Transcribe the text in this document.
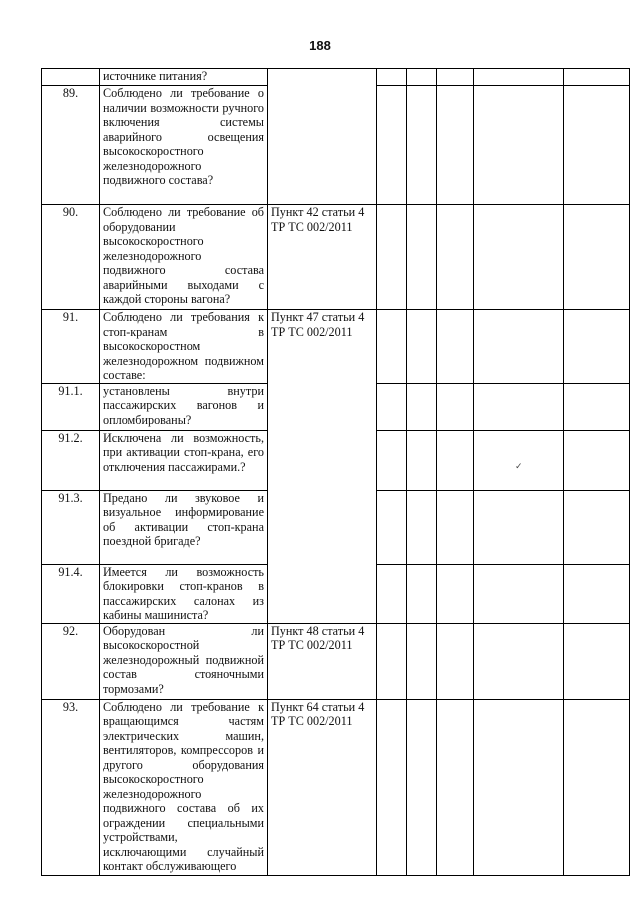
188
	источнике питания?						
89.	Соблюдено ли требование о наличии возможности ручного включения системы аварийного освещения высокоскоростного железнодорожного подвижного состава?						
90.	Соблюдено ли требование об оборудовании высокоскоростного железнодорожного подвижного состава аварийными выходами с каждой стороны вагона?	Пункт 42 статьи 4 ТР ТС 002/2011					
91.	Соблюдено ли требования к стоп-кранам в высокоскоростном железнодорожном подвижном составе:	Пункт 47 статьи 4 ТР ТС 002/2011					
91.1.	установлены внутри пассажирских вагонов и опломбированы?						
91.2.	Исключена ли возможность, при активации стоп-крана, его отключения пассажирами.?						
91.3.	Предано ли звуковое и визуальное информирование об активации стоп-крана поездной бригаде?						
91.4.	Имеется ли возможность блокировки стоп-кранов в пассажирских салонах из кабины машиниста?						
92.	Оборудован ли высокоскоростной железнодорожный подвижной состав стояночными тормозами?	Пункт 48 статьи 4 ТР ТС 002/2011					
93.	Соблюдено ли требование к вращающимся частям электрических машин, вентиляторов, компрессоров и другого оборудования высокоскоростного железнодорожного подвижного состава об их ограждении специальными устройствами, исключающими случайный контакт обслуживающего	Пункт 64 статьи 4 ТР ТС 002/2011					
✓
